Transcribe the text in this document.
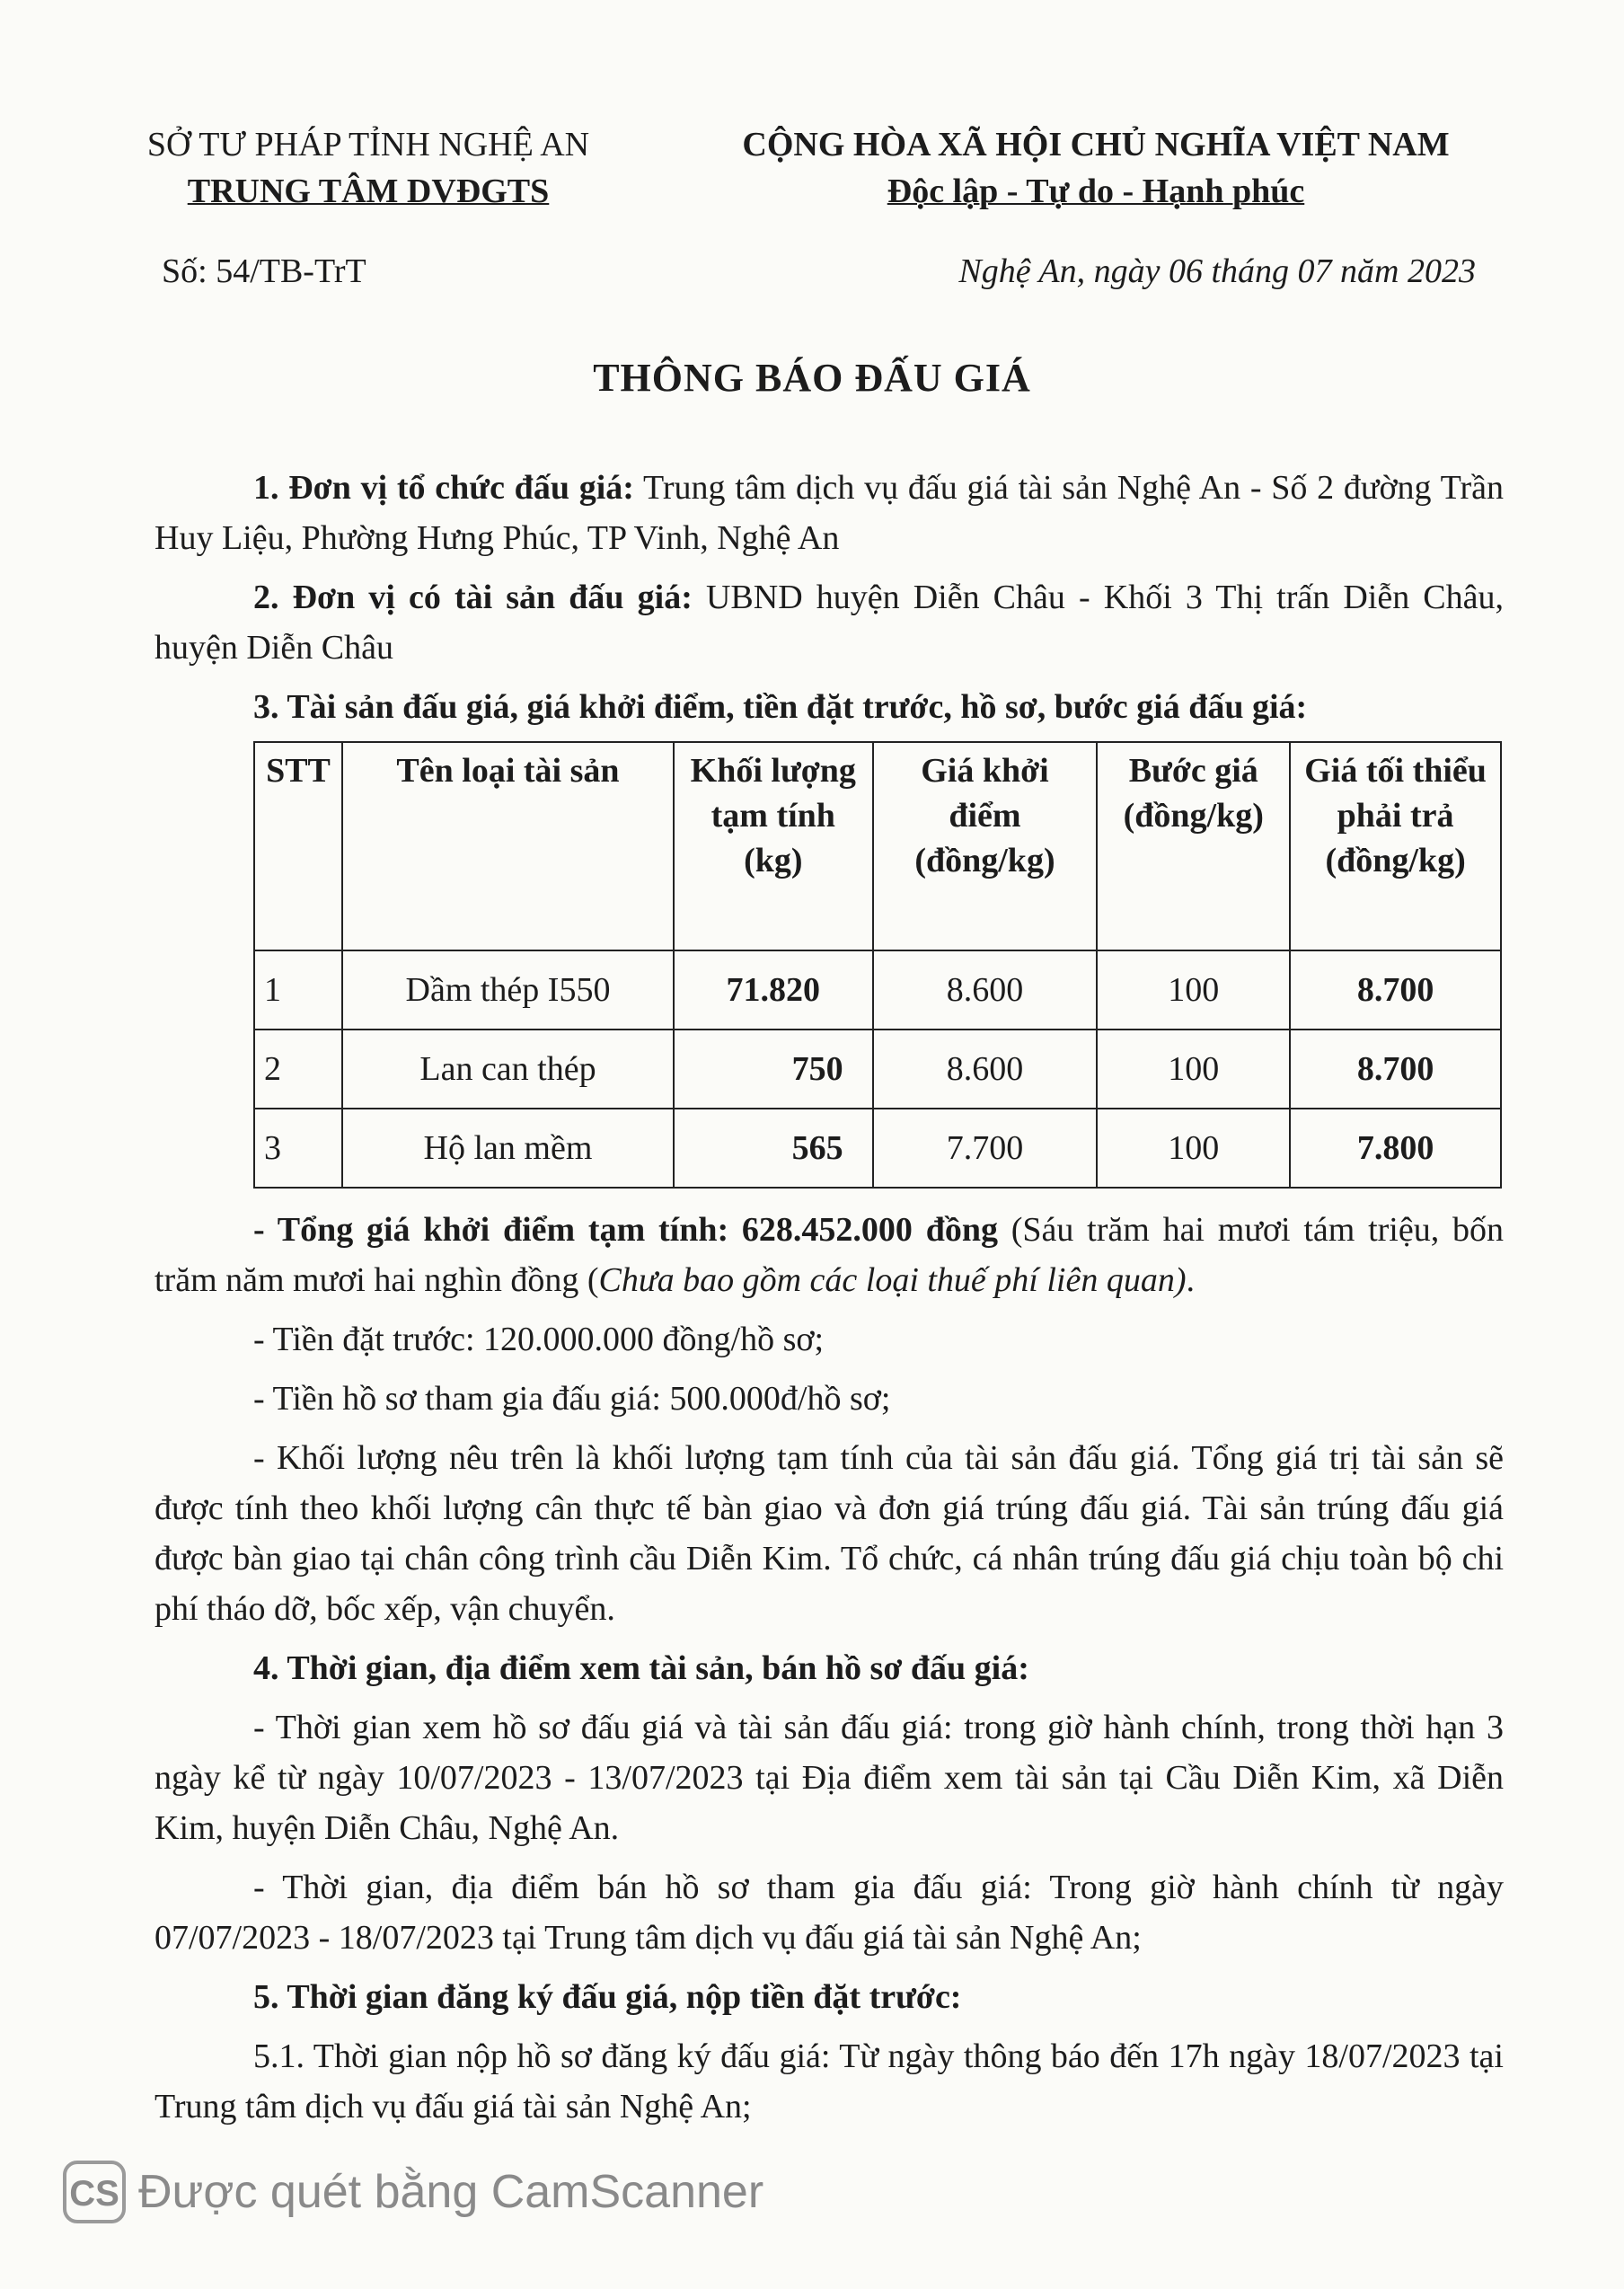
SỞ TƯ PHÁP TỈNH NGHỆ AN
TRUNG TÂM DVĐGTS
CỘNG HÒA XÃ HỘI CHỦ NGHĨA VIỆT NAM
Độc lập - Tự do - Hạnh phúc
Số: 54/TB-TrT	Nghệ An, ngày 06 tháng 07 năm 2023
THÔNG BÁO ĐẤU GIÁ

1. Đơn vị tổ chức đấu giá: Trung tâm dịch vụ đấu giá tài sản Nghệ An - Số 2 đường Trần Huy Liệu, Phường Hưng Phúc, TP Vinh, Nghệ An

2. Đơn vị có tài sản đấu giá: UBND huyện Diễn Châu - Khối 3 Thị trấn Diễn Châu, huyện Diễn Châu

3. Tài sản đấu giá, giá khởi điểm, tiền đặt trước, hồ sơ, bước giá đấu giá:

STT	Tên loại tài sản	Khối lượng tạm tính (kg)	Giá khởi điểm (đồng/kg)	Bước giá (đồng/kg)	Giá tối thiểu phải trả (đồng/kg)
1	Dầm thép I550	71.820	8.600	100	8.700
2	Lan can thép	750	8.600	100	8.700
3	Hộ lan mềm	565	7.700	100	7.800

- Tổng giá khởi điểm tạm tính: 628.452.000 đồng (Sáu trăm hai mươi tám triệu, bốn trăm năm mươi hai nghìn đồng (Chưa bao gồm các loại thuế phí liên quan).

- Tiền đặt trước: 120.000.000 đồng/hồ sơ;

- Tiền hồ sơ tham gia đấu giá: 500.000đ/hồ sơ;

- Khối lượng nêu trên là khối lượng tạm tính của tài sản đấu giá. Tổng giá trị tài sản sẽ được tính theo khối lượng cân thực tế bàn giao và đơn giá trúng đấu giá. Tài sản trúng đấu giá được bàn giao tại chân công trình cầu Diễn Kim. Tổ chức, cá nhân trúng đấu giá chịu toàn bộ chi phí tháo dỡ, bốc xếp, vận chuyển.

4. Thời gian, địa điểm xem tài sản, bán hồ sơ đấu giá:

- Thời gian xem hồ sơ đấu giá và tài sản đấu giá: trong giờ hành chính, trong thời hạn 3 ngày kể từ ngày 10/07/2023 - 13/07/2023 tại Địa điểm xem tài sản tại Cầu Diễn Kim, xã Diễn Kim, huyện Diễn Châu, Nghệ An.

- Thời gian, địa điểm bán hồ sơ tham gia đấu giá: Trong giờ hành chính từ ngày 07/07/2023 - 18/07/2023 tại Trung tâm dịch vụ đấu giá tài sản Nghệ An;

5. Thời gian đăng ký đấu giá, nộp tiền đặt trước:

5.1. Thời gian nộp hồ sơ đăng ký đấu giá: Từ ngày thông báo đến 17h ngày 18/07/2023 tại Trung tâm dịch vụ đấu giá tài sản Nghệ An;

CS Được quét bằng CamScanner
